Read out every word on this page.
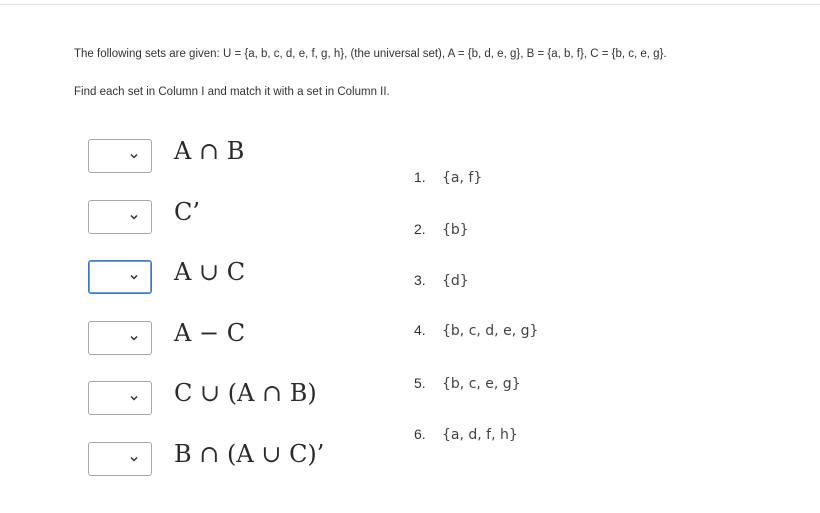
The following sets are given: U = {a, b, c, d, e, f, g, h}, (the universal set), A = {b, d, e, g}, B = {a, b, f}, C = {b, c, e, g}.
Find each set in Column I and match it with a set in Column II.
A ∩ B
C’
A ∪ C
A − C
C ∪ (A ∩ B)
B ∩ (A ∪ C)’
1. {a, f}
2. {b}
3. {d}
4. {b, c, d, e, g}
5. {b, c, e, g}
6. {a, d, f, h}
